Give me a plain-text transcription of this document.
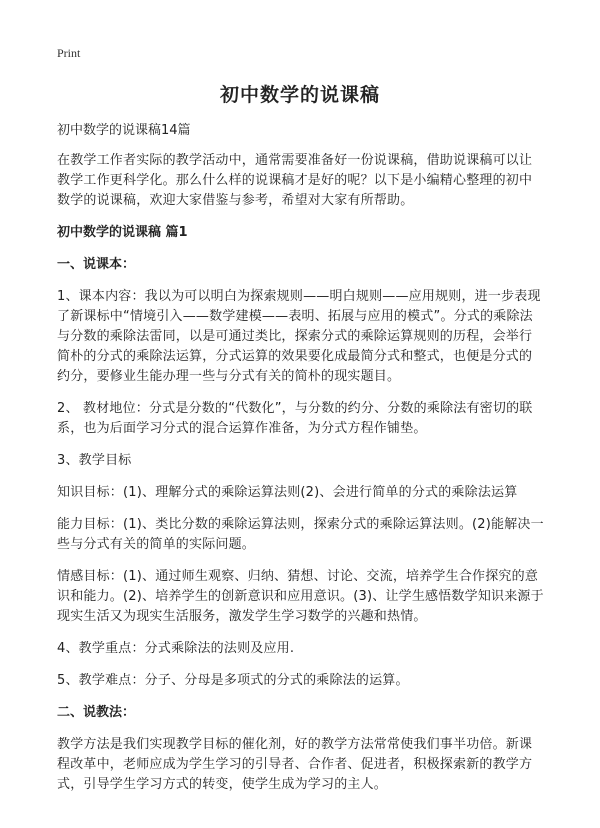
Print
初中数学的说课稿

初中数学的说课稿14篇

在教学工作者实际的教学活动中，通常需要准备好一份说课稿，借助说课稿可以让教学工作更科学化。那么什么样的说课稿才是好的呢？以下是小编精心整理的初中数学的说课稿，欢迎大家借鉴与参考，希望对大家有所帮助。

初中数学的说课稿 篇1

一、说课本：

1、课本内容：我以为可以明白为探索规则——明白规则——应用规则，进一步表现了新课标中“情境引入——数学建模——表明、拓展与应用的模式”。分式的乘除法与分数的乘除法雷同，以是可通过类比，探索分式的乘除运算规则的历程，会举行简朴的分式的乘除法运算，分式运算的效果要化成最简分式和整式，也便是分式的约分，要修业生能办理一些与分式有关的简朴的现实题目。

2、 教材地位：分式是分数的“代数化”，与分数的约分、分数的乘除法有密切的联系，也为后面学习分式的混合运算作准备，为分式方程作铺垫。

3、教学目标

知识目标：(1)、理解分式的乘除运算法则(2)、会进行简单的分式的乘除法运算

能力目标：(1)、类比分数的乘除运算法则，探索分式的乘除运算法则。(2)能解决一些与分式有关的简单的实际问题。

情感目标：(1)、通过师生观察、归纳、猜想、讨论、交流，培养学生合作探究的意识和能力。(2)、培养学生的创新意识和应用意识。(3)、让学生感悟数学知识来源于现实生活又为现实生活服务，激发学生学习数学的兴趣和热情。

4、教学重点：分式乘除法的法则及应用.

5、教学难点：分子、分母是多项式的分式的乘除法的运算。

二、说教法：

教学方法是我们实现教学目标的催化剂，好的教学方法常常使我们事半功倍。新课程改革中，老师应成为学生学习的引导者、合作者、促进者，积极探索新的教学方式，引导学生学习方式的转变，使学生成为学习的主人。
